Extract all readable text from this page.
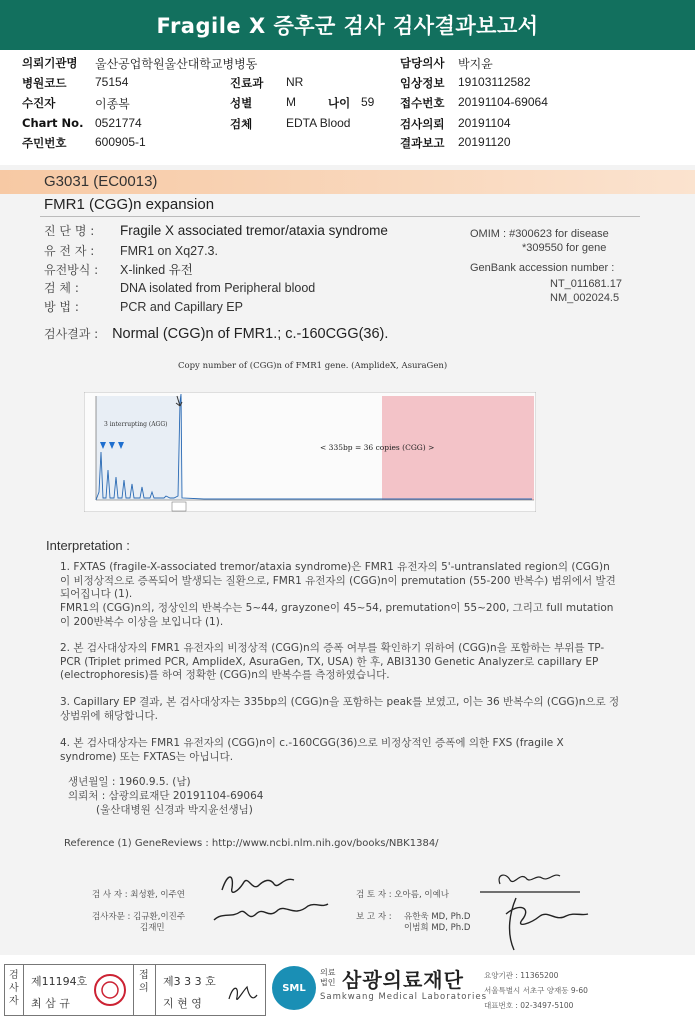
Fragile X 증후군 검사 검사결과보고서
의뢰기관명 울산공업학원울산대학교병병동	담당의사 박지윤
병원코드 75154	진료과 NR	임상정보 19103112582
수진자	이종복	성별	M	나이 59 접수번호 20191104-69064
Chart No. 0521774	검체	EDTA Blood	검사의뢰 20191104
주민번호 600905-1	결과보고 20191120
G3031 (EC0013)
FMR1 (CGG)n expansion
진 단 명 : Fragile X associated tremor/ataxia syndrome
유 전 자 : FMR1 on Xq27.3.
유전방식 : X-linked 유전
검 체 :	DNA isolated from Peripheral blood
방 법 :	PCR and Capillary EP
OMIM : #300623 for disease
*309550 for gene
GenBank accession number :
NT_011681.17
NM_002024.5
검사결과 : Normal (CGG)n of FMR1.; c.-160CGG(36).
Copy number of (CGG)n of FMR1 gene. (AmplideX, AsuraGen)
3 interrupting (AGG)
< 335bp = 36 copies (CGG) >
Interpretation :
1. FXTAS (fragile-X-associated tremor/ataxia syndrome)은 FMR1 유전자의 5'-untranslated region의 (CGG)n 이 비정상적으로 증폭되어 발생되는 질환으로, FMR1 유전자의 (CGG)n이 premutation (55-200 반복수) 범위에서 발견되어집니다 (1).
FMR1의 (CGG)n의, 정상인의 반복수는 5~44, grayzone이 45~54, premutation이 55~200, 그리고 full mutation이 200반복수 이상을 보입니다 (1).
2. 본 검사대상자의 FMR1 유전자의 비정상적 (CGG)n의 증폭 여부를 확인하기 위하여 (CGG)n을 포함하는 부위를 TP-PCR (Triplet primed PCR, AmplideX, AsuraGen, TX, USA) 한 후, ABI3130 Genetic Analyzer로 capillary EP (electrophoresis)를 하여 정확한 (CGG)n의 반복수를 측정하였습니다.
3. Capillary EP 결과, 본 검사대상자는 335bp의 (CGG)n을 포함하는 peak를 보였고, 이는 36 반복수의 (CGG)n으로 정상범위에 해당합니다.
4. 본 검사대상자는 FMR1 유전자의 (CGG)n이 c.-160CGG(36)으로 비정상적인 증폭에 의한 FXS (fragile X syndrome) 또는 FXTAS는 아닙니다.
생년월일 : 1960.9.5. (남)
의뢰처 : 삼광의료재단 20191104-69064
(울산대병원 신경과 박지윤선생님)
Reference (1) GeneReviews : http://www.ncbi.nlm.nih.gov/books/NBK1384/
검 사 자 : 최성환, 이주연	검 토 자 : 오아름, 이예나
검사자문 : 김규환,이진주
김재민
보 고 자 : 유한욱 MD, Ph.D
이범희 MD, Ph.D
검사자
제11194호
최 삼 규
접의
제3 3 3 호
지 현 영
SML
의료법인 삼광의료재단
Samkwang Medical Laboratories
요양기관 : 11365200
서울특별시 서초구 양재동 9-60
대표번호 : 02-3497-5100
